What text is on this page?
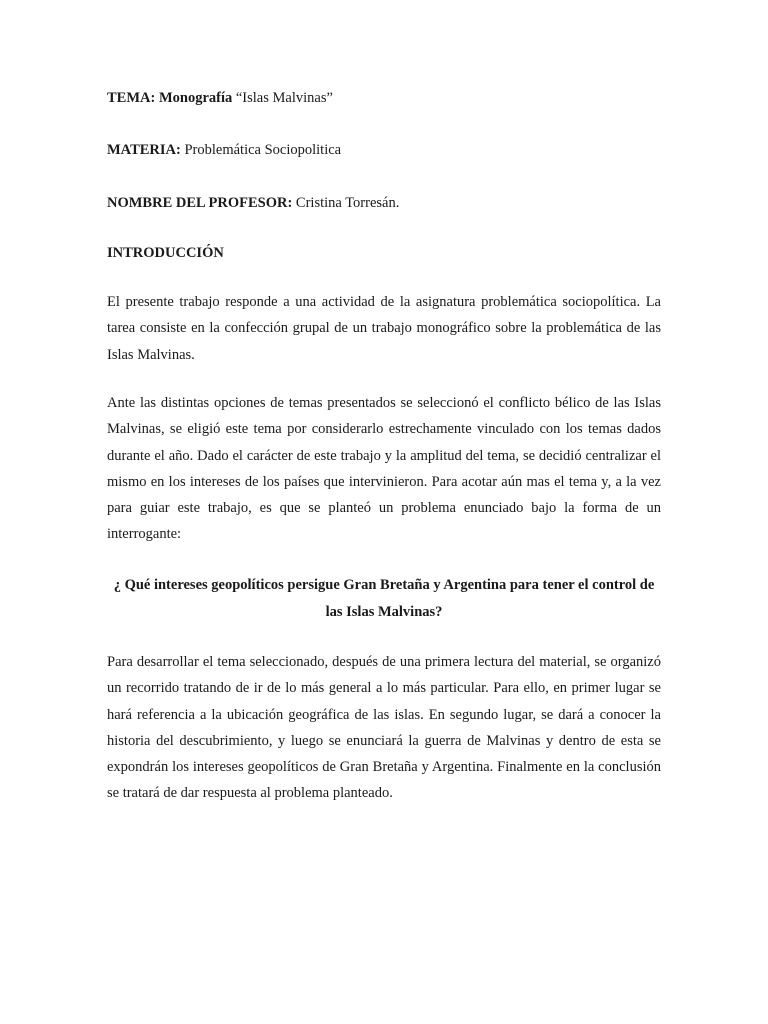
TEMA: Monografía “Islas Malvinas”
MATERIA: Problemática Sociopolitica
NOMBRE DEL PROFESOR: Cristina Torresán.
INTRODUCCIÓN

El presente trabajo responde a una actividad de la asignatura problemática sociopolítica. La tarea consiste en la confección grupal de un trabajo monográfico sobre la problemática de las Islas Malvinas.

Ante las distintas opciones de temas presentados se seleccionó el conflicto bélico de las Islas Malvinas, se eligió este tema por considerarlo estrechamente vinculado con los temas dados durante el año. Dado el carácter de este trabajo y la amplitud del tema, se decidió centralizar el mismo en los intereses de los países que intervinieron. Para acotar aún mas el tema y, a la vez para guiar este trabajo, es que se planteó un problema enunciado bajo la forma de un interrogante:

¿ Qué intereses geopolíticos persigue Gran Bretaña y Argentina para tener el control de las Islas Malvinas?

Para desarrollar el tema seleccionado, después de una primera lectura del material, se organizó un recorrido tratando de ir de lo más general a lo más particular. Para ello, en primer lugar se hará referencia a la ubicación geográfica de las islas. En segundo lugar, se dará a conocer la historia del descubrimiento, y luego se enunciará la guerra de Malvinas y dentro de esta se expondrán los intereses geopolíticos de Gran Bretaña y Argentina. Finalmente en la conclusión se tratará de dar respuesta al problema planteado.
